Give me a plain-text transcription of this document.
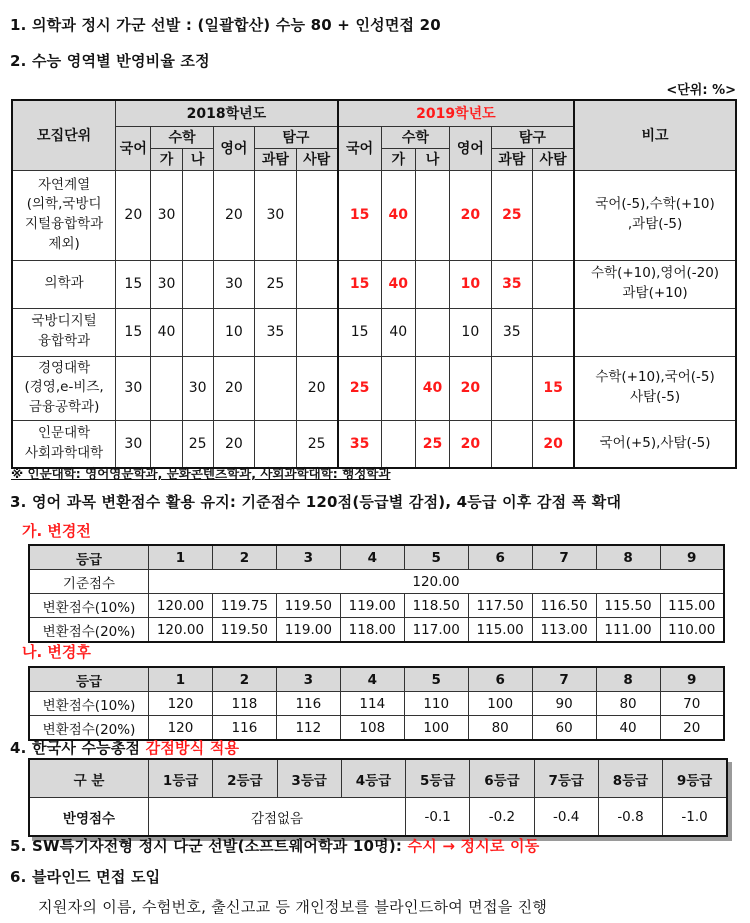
1. 의학과 정시 가군 선발 : (일괄합산) 수능 80 + 인성면접 20
2. 수능 영역별 반영비율 조정
<단위: %>
모집단위	2018학년도						2019학년도						비고
	국어	수학		영어	탐구		국어	수학		영어	탐구		
		가	나		과탐	사탐		가	나		과탐	사탐	
자연계열
(의학,국방디
지털융합학과
제외)	20	30		20	30		15	40		20	25		국어(-5),수학(+10)
,과탐(-5)
의학과	15	30		30	25		15	40		10	35		수학(+10),영어(-20)
과탐(+10)
국방디지털
융합학과	15	40		10	35		15	40		10	35		
경영대학
(경영,e-비즈,
금융공학과)	30		30	20		20	25		40	20		15	수학(+10),국어(-5)
사탐(-5)
인문대학
사회과학대학	30		25	20		25	35		25	20		20	국어(+5),사탐(-5)
※ 인문대학: 영어영문학과, 문화콘텐츠학과, 사회과학대학: 행정학과
3. 영어 과목 변환점수 활용 유지: 기준점수 120점(등급별 감점), 4등급 이후 감점 폭 확대
가. 변경전
등급	1	2	3	4	5	6	7	8	9
기준점수	120.00								
변환점수(10%)	120.00	119.75	119.50	119.00	118.50	117.50	116.50	115.50	115.00
변환점수(20%)	120.00	119.50	119.00	118.00	117.00	115.00	113.00	111.00	110.00
나. 변경후
등급	1	2	3	4	5	6	7	8	9
변환점수(10%)	120	118	116	114	110	100	90	80	70
변환점수(20%)	120	116	112	108	100	80	60	40	20
4. 한국사 수능총점 감점방식 적용
구 분	1등급	2등급	3등급	4등급	5등급	6등급	7등급	8등급	9등급
반영점수	감점없음				-0.1	-0.2	-0.4	-0.8	-1.0
5. SW특기자전형 정시 다군 선발(소프트웨어학과 10명): 수시 → 정시로 이동
6. 블라인드 면접 도입
지원자의 이름, 수험번호, 출신고교 등 개인정보를 블라인드하여 면접을 진행
